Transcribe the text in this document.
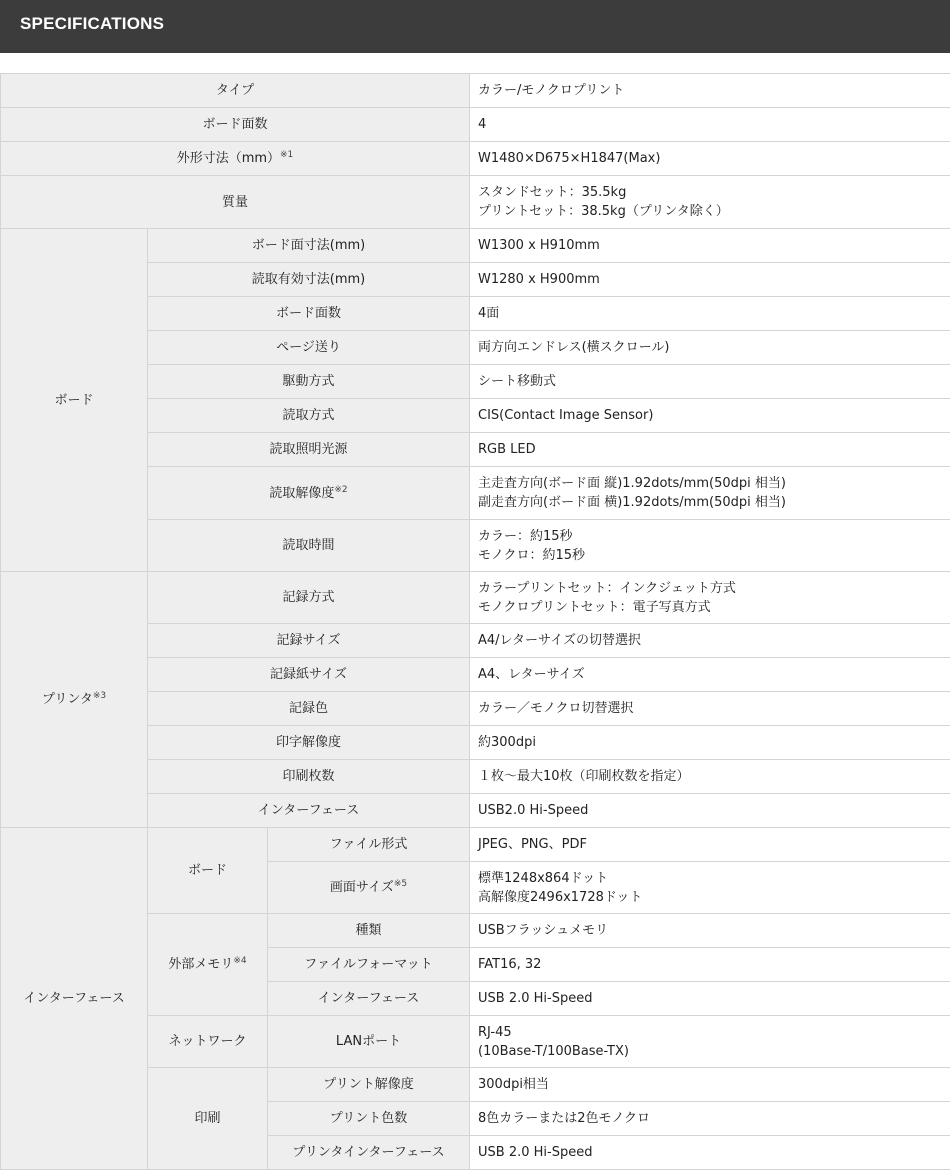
SPECIFICATIONS
タイプ			カラー/モノクロプリント
ボード面数			4
外形寸法（mm）$^{※1}$			W1480×D675×H1847(Max)
質量			スタンドセット：35.5kg
プリントセット：38.5kg（プリンタ除く）

ボード	ボード面寸法(mm)		W1300 x H910mm
	読取有効寸法(mm)		W1280 x H900mm
	ボード面数		4面
	ページ送り		両方向エンドレス(横スクロール)
	駆動方式		シート移動式
	読取方式		CIS(Contact Image Sensor)
	読取照明光源		RGB LED
	読取解像度$^{※2}$		主走査方向(ボード面 縦)1.92dots/mm(50dpi 相当)
副走査方向(ボード面 横)1.92dots/mm(50dpi 相当)

	読取時間		カラー：約15秒
モノクロ：約15秒

プリンタ$^{※3}$	記録方式		カラープリントセット：インクジェット方式
モノクロプリントセット：電子写真方式

	記録サイズ		A4/レターサイズの切替選択
	記録紙サイズ		A4、レターサイズ
	記録色		カラー／モノクロ切替選択
	印字解像度		約300dpi
	印刷枚数		１枚～最大10枚（印刷枚数を指定）
	インターフェース		USB2.0 Hi-Speed
インターフェース	ボード	ファイル形式	JPEG、PNG、PDF
		画面サイズ$^{※5}$	標準1248x864ドット
高解像度2496x1728ドット

	外部メモリ$^{※4}$	種類	USBフラッシュメモリ
		ファイルフォーマット	FAT16, 32
		インターフェース	USB 2.0 Hi-Speed
	ネットワーク	LANポート	RJ-45
(10Base-T/100Base-TX)

	印刷	プリント解像度	300dpi相当
		プリント色数	8色カラーまたは2色モノクロ
		プリンタインターフェース	USB 2.0 Hi-Speed
